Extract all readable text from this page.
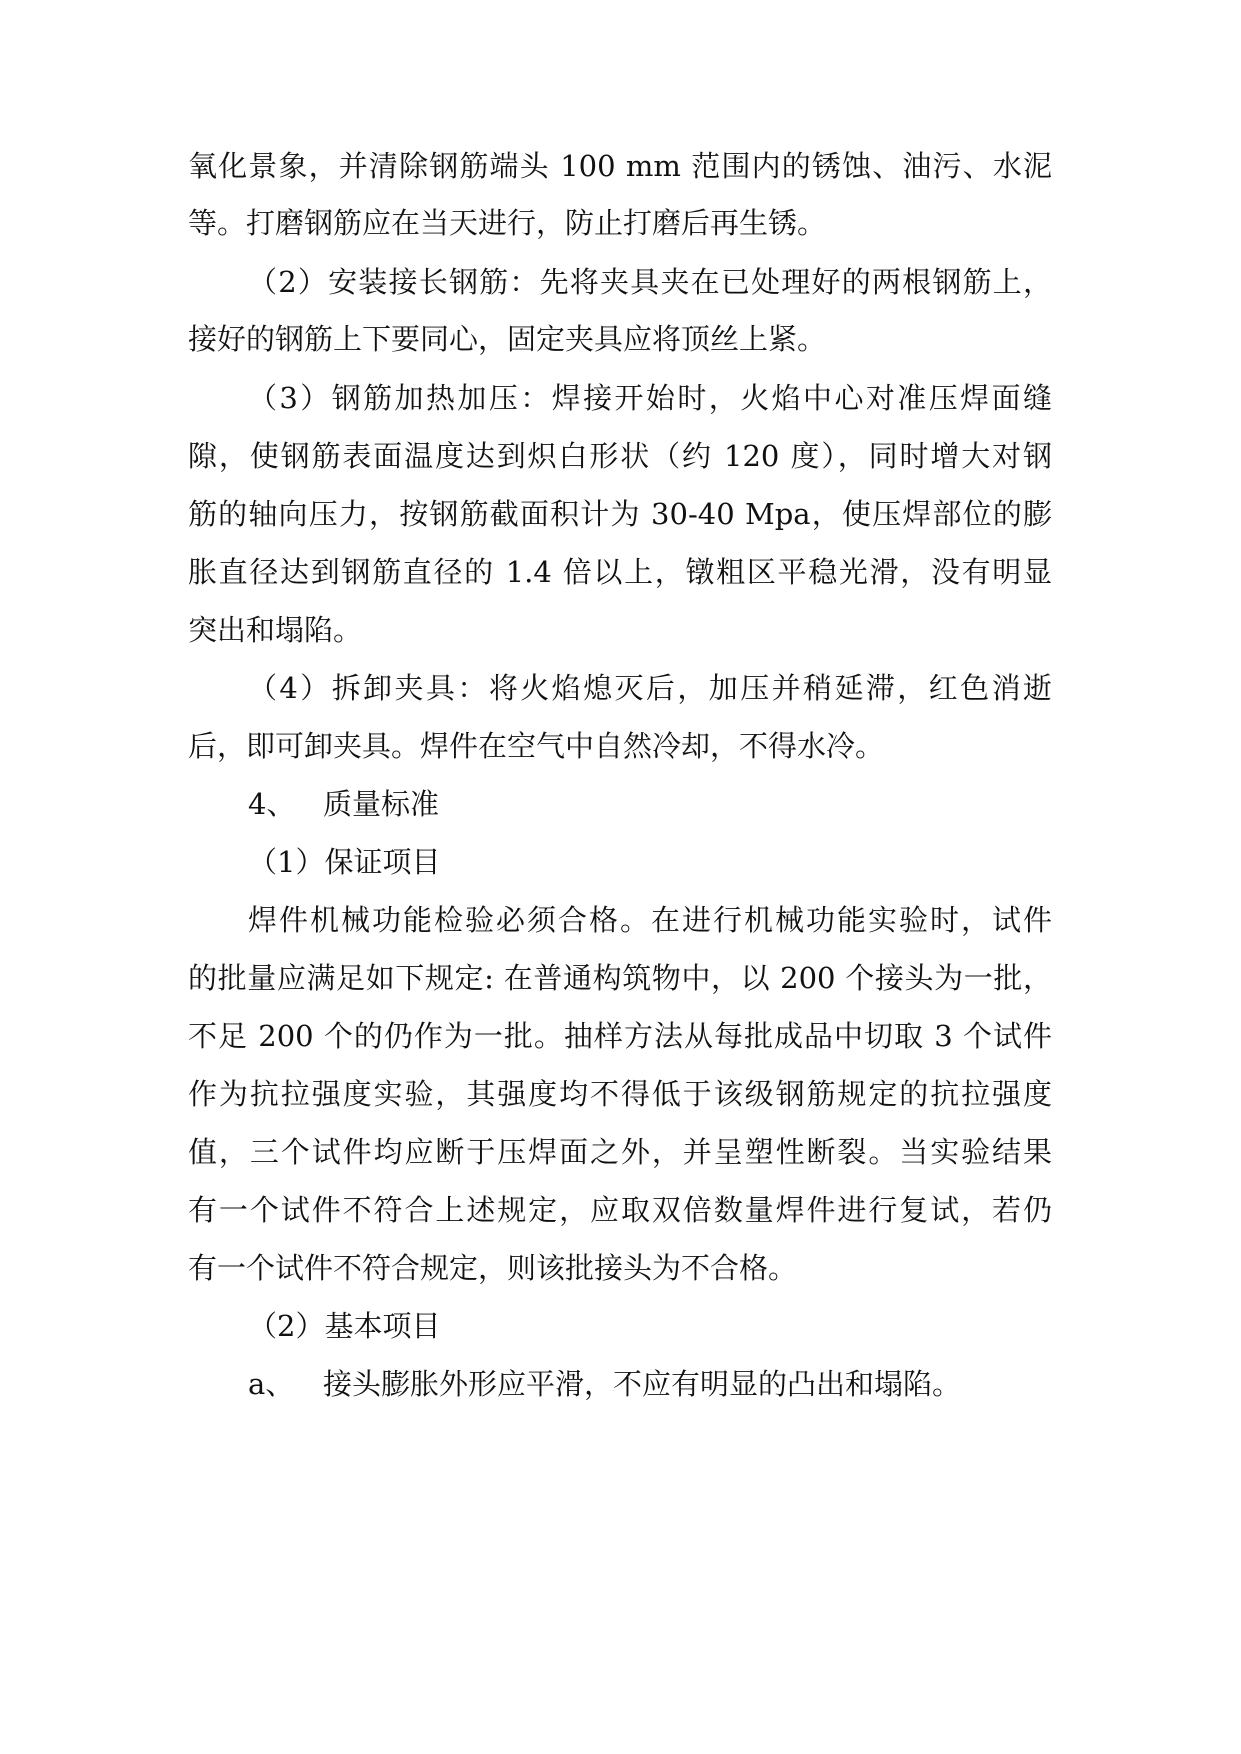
氧化景象，并清除钢筋端头 100 mm 范围内的锈蚀、油污、水泥
等。打磨钢筋应在当天进行，防止打磨后再生锈。
（2）安装接长钢筋：先将夹具夹在已处理好的两根钢筋上，
接好的钢筋上下要同心，固定夹具应将顶丝上紧。
（3）钢筋加热加压：焊接开始时，火焰中心对准压焊面缝
隙，使钢筋表面温度达到炽白形状（约 120 度），同时增大对钢
筋的轴向压力，按钢筋截面积计为 30-40 Mpa，使压焊部位的膨
胀直径达到钢筋直径的 1.4 倍以上，镦粗区平稳光滑，没有明显
突出和塌陷。
（4）拆卸夹具：将火焰熄灭后，加压并稍延滞，红色消逝
后，即可卸夹具。焊件在空气中自然冷却，不得水冷。
4、 质量标准
（1）保证项目
焊件机械功能检验必须合格。在进行机械功能实验时，试件
的批量应满足如下规定: 在普通构筑物中，以 200 个接头为一批，
不足 200 个的仍作为一批。抽样方法从每批成品中切取 3 个试件
作为抗拉强度实验，其强度均不得低于该级钢筋规定的抗拉强度
值，三个试件均应断于压焊面之外，并呈塑性断裂。当实验结果
有一个试件不符合上述规定，应取双倍数量焊件进行复试，若仍
有一个试件不符合规定，则该批接头为不合格。
（2）基本项目
a、 接头膨胀外形应平滑，不应有明显的凸出和塌陷。
